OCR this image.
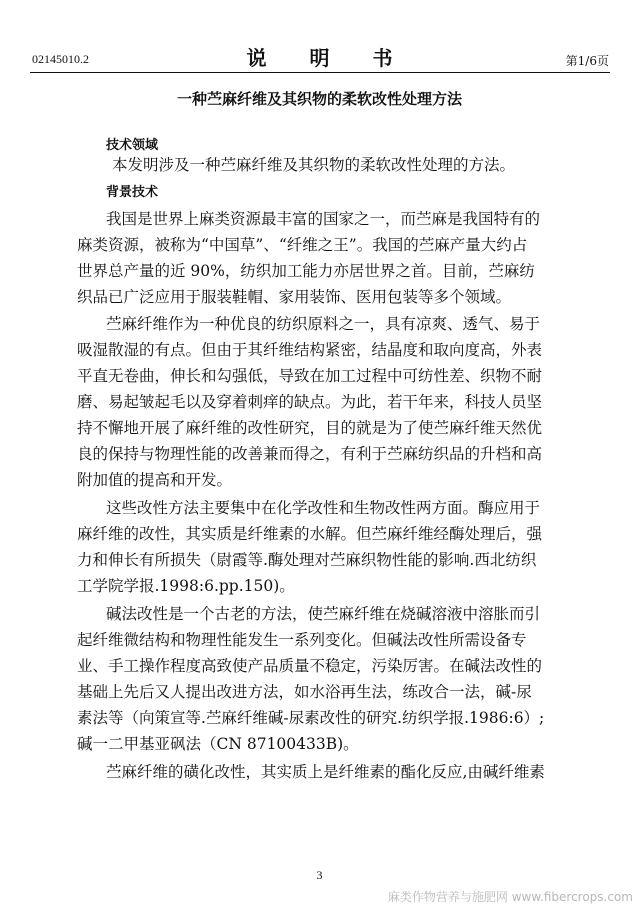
02145010.2	说 明 书	第1/6页
一种苎麻纤维及其织物的柔软改性处理方法
技术领域
本发明涉及一种苎麻纤维及其织物的柔软改性处理的方法。
背景技术
我国是世界上麻类资源最丰富的国家之一，而苎麻是我国特有的
麻类资源，被称为“中国草”、“纤维之王”。我国的苎麻产量大约占
世界总产量的近 90%，纺织加工能力亦居世界之首。目前，苎麻纺
织品已广泛应用于服装鞋帽、家用装饰、医用包装等多个领域。
苎麻纤维作为一种优良的纺织原料之一，具有凉爽、透气、易于
吸湿散湿的有点。但由于其纤维结构紧密，结晶度和取向度高，外表
平直无卷曲，伸长和勾强低，导致在加工过程中可纺性差、织物不耐
磨、易起皱起毛以及穿着刺痒的缺点。为此，若干年来，科技人员坚
持不懈地开展了麻纤维的改性研究，目的就是为了使苎麻纤维天然优
良的保持与物理性能的改善兼而得之，有利于苎麻纺织品的升档和高
附加值的提高和开发。
这些改性方法主要集中在化学改性和生物改性两方面。酶应用于
麻纤维的改性，其实质是纤维素的水解。但苎麻纤维经酶处理后，强
力和伸长有所损失（尉霞等.酶处理对苎麻织物性能的影响.西北纺织
工学院学报.1998:6.pp.150)。
碱法改性是一个古老的方法，使苎麻纤维在烧碱溶液中溶胀而引
起纤维微结构和物理性能发生一系列变化。但碱法改性所需设备专
业、手工操作程度高致使产品质量不稳定，污染厉害。在碱法改性的
基础上先后又人提出改进方法，如水浴再生法，练改合一法，碱-尿
素法等（向策宣等.苎麻纤维碱-尿素改性的研究.纺织学报.1986:6）;
碱一二甲基亚砜法（CN 87100433B)。
苎麻纤维的磺化改性，其实质上是纤维素的酯化反应,由碱纤维素
3
麻类作物营养与施肥网 www.fibercrops.com
